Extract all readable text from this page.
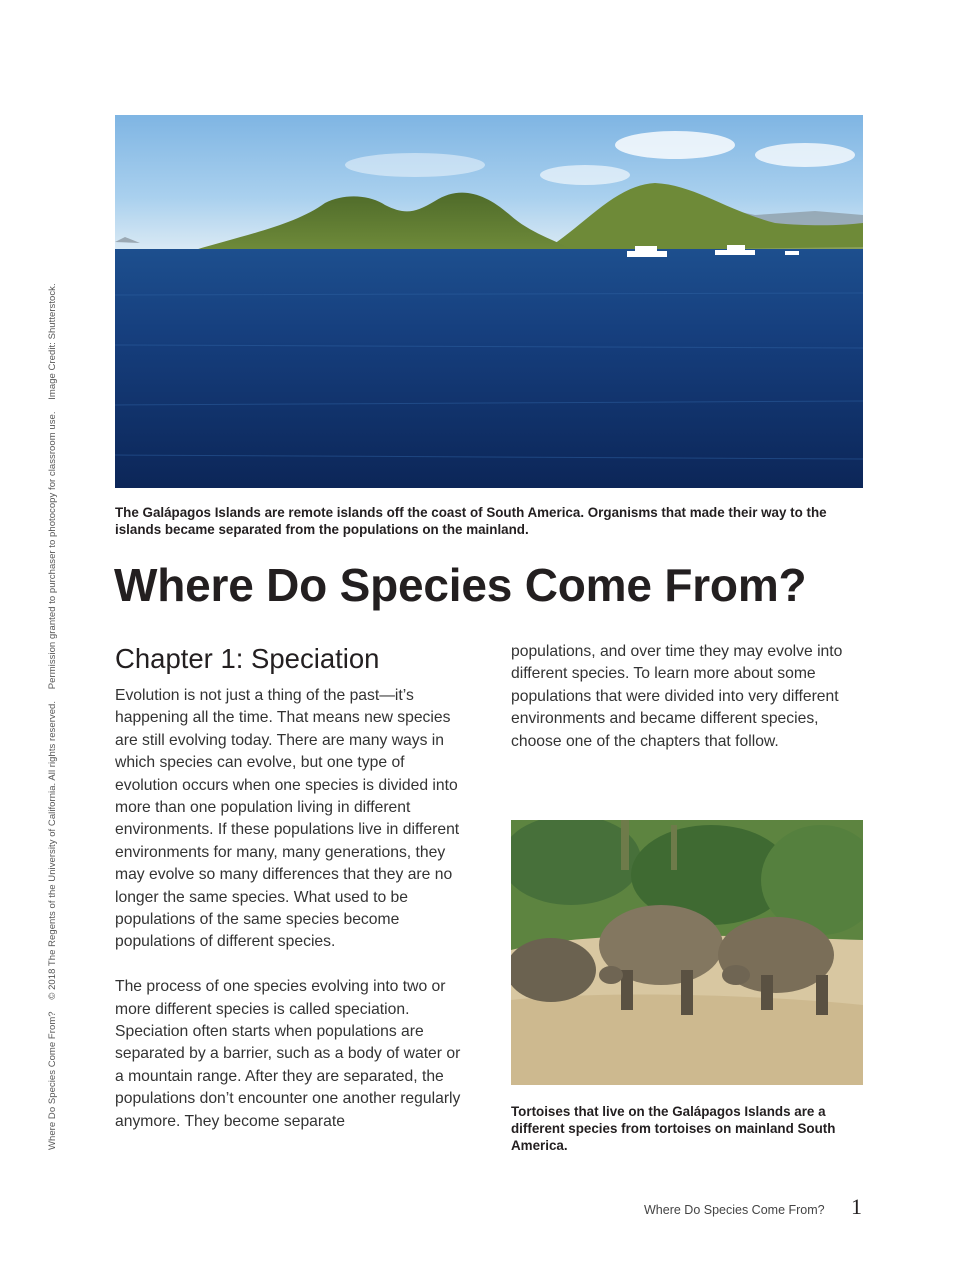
Where Do Species Come From? © 2018 The Regents of the University of California. All rights reserved. Permission granted to purchaser to photocopy for classroom use. Image Credit: Shutterstock.
The Galápagos Islands are remote islands off the coast of South America. Organisms that made their way to the islands became separated from the populations on the mainland.
Where Do Species Come From?
Chapter 1: Speciation

Evolution is not just a thing of the past—it’s happening all the time. That means new species are still evolving today. There are many ways in which species can evolve, but one type of evolution occurs when one species is divided into more than one population living in different environments. If these populations live in different environments for many, many generations, they may evolve so many differences that they are no longer the same species. What used to be populations of the same species become populations of different species.

The process of one species evolving into two or more different species is called speciation. Speciation often starts when populations are separated by a barrier, such as a body of water or a mountain range. After they are separated, the populations don’t encounter one another regularly anymore. They become separate

populations, and over time they may evolve into different species. To learn more about some populations that were divided into very different environments and became different species, choose one of the chapters that follow.

Tortoises that live on the Galápagos Islands are a different species from tortoises on mainland South America.
Where Do Species Come From? 1
